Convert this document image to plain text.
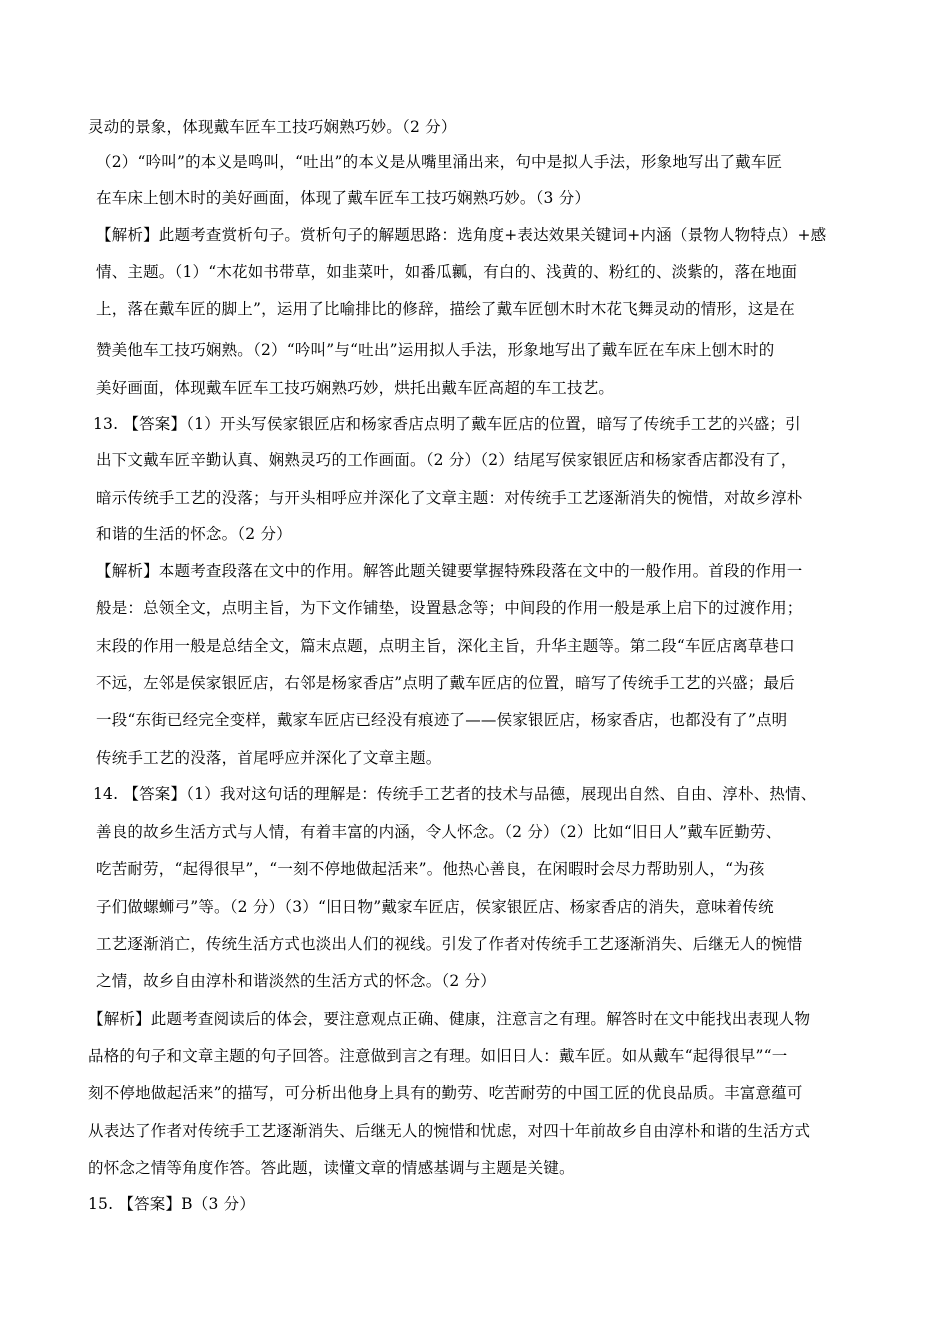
灵动的景象，体现戴车匠车工技巧娴熟巧妙。（2 分）
（2）“吟叫”的本义是鸣叫，“吐出”的本义是从嘴里涌出来，句中是拟人手法，形象地写出了戴车匠
在车床上刨木时的美好画面，体现了戴车匠车工技巧娴熟巧妙。（3 分）
【解析】此题考查赏析句子。赏析句子的解题思路：选角度+表达效果关键词+内涵（景物人物特点）+感
情、主题。（1）“木花如书带草，如韭菜叶，如番瓜瓤，有白的、浅黄的、粉红的、淡紫的，落在地面
上，落在戴车匠的脚上”，运用了比喻排比的修辞，描绘了戴车匠刨木时木花飞舞灵动的情形，这是在
赞美他车工技巧娴熟。（2）“吟叫”与“吐出”运用拟人手法，形象地写出了戴车匠在车床上刨木时的
美好画面，体现戴车匠车工技巧娴熟巧妙，烘托出戴车匠高超的车工技艺。
13. 【答案】（1）开头写侯家银匠店和杨家香店点明了戴车匠店的位置，暗写了传统手工艺的兴盛；引
出下文戴车匠辛勤认真、娴熟灵巧的工作画面。（2 分）（2）结尾写侯家银匠店和杨家香店都没有了，
暗示传统手工艺的没落；与开头相呼应并深化了文章主题：对传统手工艺逐渐消失的惋惜，对故乡淳朴
和谐的生活的怀念。（2 分）
【解析】本题考查段落在文中的作用。解答此题关键要掌握特殊段落在文中的一般作用。首段的作用一
般是：总领全文，点明主旨，为下文作铺垫，设置悬念等；中间段的作用一般是承上启下的过渡作用；
末段的作用一般是总结全文，篇末点题，点明主旨，深化主旨，升华主题等。第二段“车匠店离草巷口
不远，左邻是侯家银匠店，右邻是杨家香店”点明了戴车匠店的位置，暗写了传统手工艺的兴盛；最后
一段“东街已经完全变样，戴家车匠店已经没有痕迹了——侯家银匠店，杨家香店，也都没有了”点明
传统手工艺的没落，首尾呼应并深化了文章主题。
14. 【答案】（1）我对这句话的理解是：传统手工艺者的技术与品德，展现出自然、自由、淳朴、热情、
善良的故乡生活方式与人情，有着丰富的内涵，令人怀念。（2 分）（2）比如“旧日人”戴车匠勤劳、
吃苦耐劳，“起得很早”，“一刻不停地做起活来”。他热心善良，在闲暇时会尽力帮助别人，“为孩
子们做螺蛳弓”等。（2 分）（3）“旧日物”戴家车匠店，侯家银匠店、杨家香店的消失，意味着传统
工艺逐渐消亡，传统生活方式也淡出人们的视线。引发了作者对传统手工艺逐渐消失、后继无人的惋惜
之情，故乡自由淳朴和谐淡然的生活方式的怀念。（2 分）
【解析】此题考查阅读后的体会，要注意观点正确、健康，注意言之有理。解答时在文中能找出表现人物
品格的句子和文章主题的句子回答。注意做到言之有理。如旧日人：戴车匠。如从戴车“起得很早”“一
刻不停地做起活来”的描写，可分析出他身上具有的勤劳、吃苦耐劳的中国工匠的优良品质。丰富意蕴可
从表达了作者对传统手工艺逐渐消失、后继无人的惋惜和忧虑，对四十年前故乡自由淳朴和谐的生活方式
的怀念之情等角度作答。答此题，读懂文章的情感基调与主题是关键。
15. 【答案】B（3 分）
